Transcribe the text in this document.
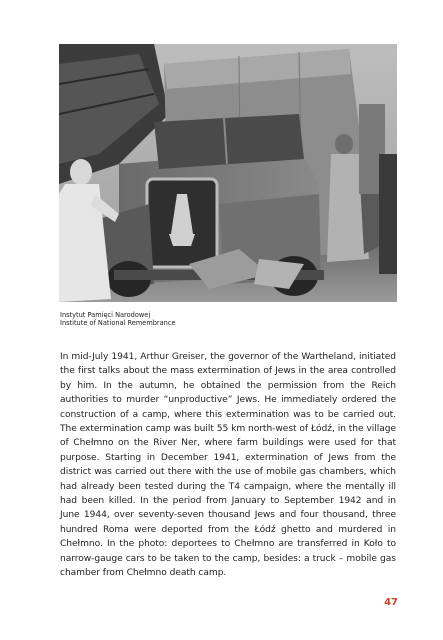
Instytut Pamięci Narodowej
Institute of National Remembrance
In mid-July 1941, Arthur Greiser, the governor of the Wartheland, initiated the first talks about the mass extermination of Jews in the area controlled by him. In the autumn, he obtained the permission from the Reich authorities to murder “unproductive” Jews. He immediately ordered the construction of a camp, where this extermination was to be carried out. The extermination camp was built 55 km north-west of Łódź, in the village of Chełmno on the River Ner, where farm buildings were used for that purpose. Starting in December 1941, extermination of Jews from the district was carried out there with the use of mobile gas chambers, which had already been tested during the T4 campaign, where the mentally ill had been killed. In the period from January to September 1942 and in June 1944, over seventy-seven thousand Jews and four thousand, three hundred Roma were deported from the Łódź ghetto and murdered in Chełmno. In the photo: deportees to Chełmno are transferred in Koło to narrow-gauge cars to be taken to the camp, besides: a truck – mobile gas chamber from Chełmno death camp.
47
